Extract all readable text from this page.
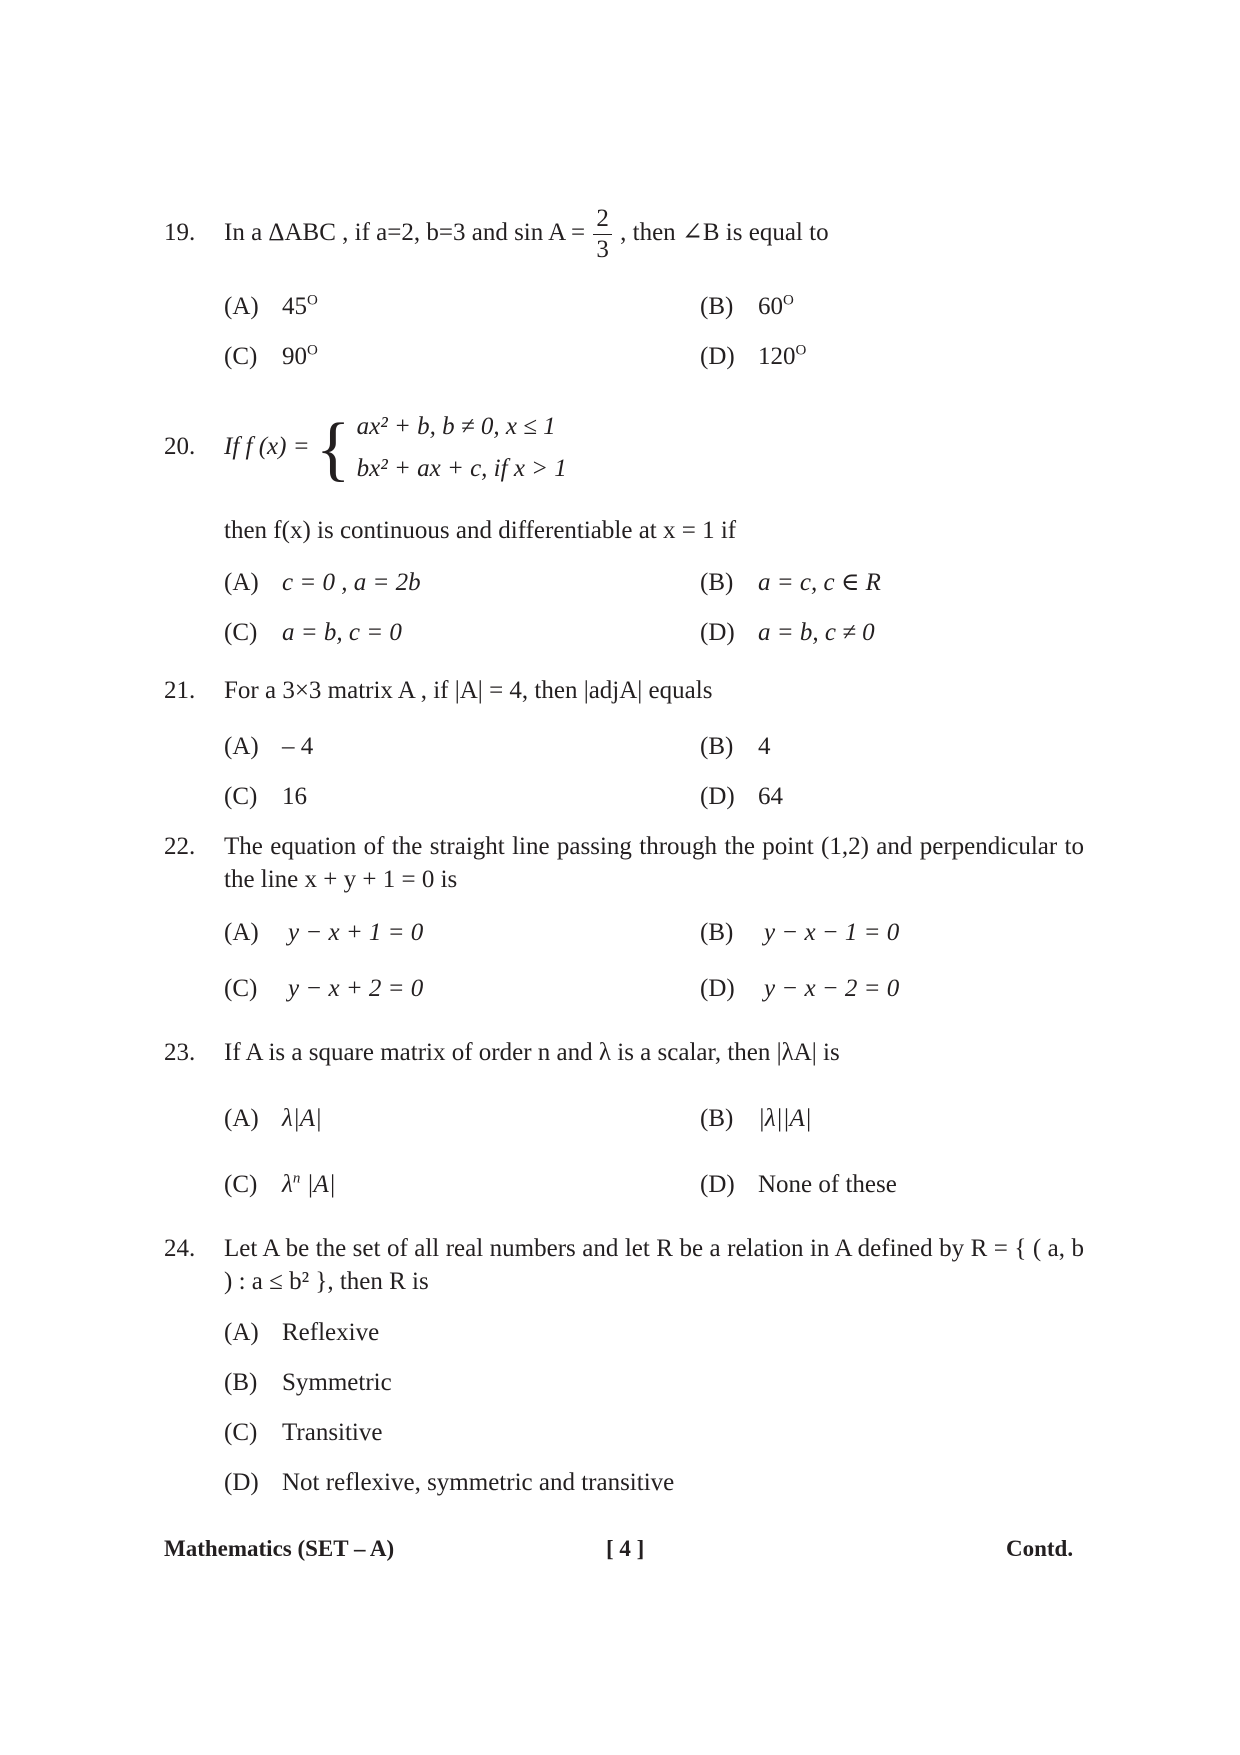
19. In a ΔABC , if a=2, b=3 and $\sin A = \frac{2}{3}$ , then ∠B is equal to
(A) $45^O$	(B) $60^O$
(C) $90^O$	(D) $120^O$
20. If f (x) = { ax² + b, b ≠ 0, x ≤ 1
bx² + ax + c, if x > 1
then f(x) is continuous and differentiable at x = 1 if
(A) c = 0 , a = 2b	(B) a = c, c ∈ R
(C) a = b, c = 0	(D) a = b, c ≠ 0
21. For a 3×3 matrix A , if |A| = 4, then |adjA| equals
(A) – 4	(B) 4
(C) 16	(D) 64
22. The equation of the straight line passing through the point (1,2) and perpendicular to the line x + y + 1 = 0 is
(A) y − x + 1 = 0	(B) y − x − 1 = 0
(C) y − x + 2 = 0	(D) y − x − 2 = 0
23. If A is a square matrix of order n and λ is a scalar, then |λA| is
(A) λ|A|	(B) |λ||A|
(C) $\lambda^n$ |A|	(D) None of these
24. Let A be the set of all real numbers and let R be a relation in A defined by R = { ( a, b ) : a ≤ b² }, then R is
(A) Reflexive
(B) Symmetric
(C) Transitive
(D) Not reflexive, symmetric and transitive
Mathematics (SET – A)	[ 4 ]	Contd.
